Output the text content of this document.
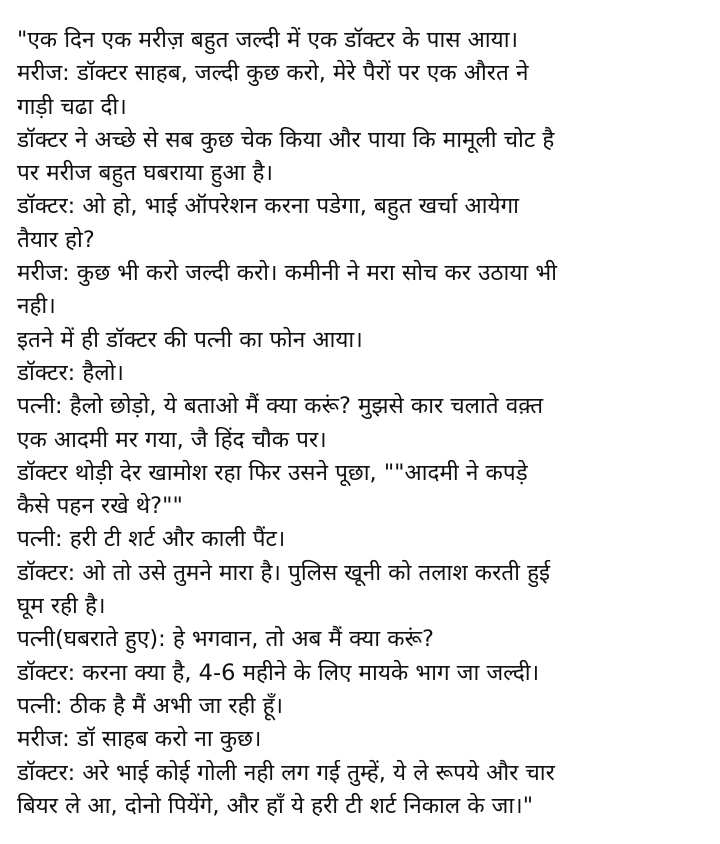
"एक दिन एक मरीज़ बहुत जल्दी में एक डॉक्टर के पास आया।
मरीज: डॉक्टर साहब, जल्दी कुछ करो, मेरे पैरों पर एक औरत ने
गाड़ी चढा दी।
डॉक्टर ने अच्छे से सब कुछ चेक किया और पाया कि मामूली चोट है
पर मरीज बहुत घबराया हुआ है।
डॉक्टर: ओ हो, भाई ऑपरेशन करना पडेगा, बहुत खर्चा आयेगा
तैयार हो?
मरीज: कुछ भी करो जल्दी करो। कमीनी ने मरा सोच कर उठाया भी
नही।
इतने में ही डॉक्टर की पत्नी का फोन आया।
डॉक्टर: हैलो।
पत्नी: हैलो छोड़ो, ये बताओ मैं क्या करूं? मुझसे कार चलाते वक़्त
एक आदमी मर गया, जै हिंद चौक पर।
डॉक्टर थोड़ी देर खामोश रहा फिर उसने पूछा, ""आदमी ने कपड़े
कैसे पहन रखे थे?""
पत्नी: हरी टी शर्ट और काली पैंट।
डॉक्टर: ओ तो उसे तुमने मारा है। पुलिस खूनी को तलाश करती हुई
घूम रही है।
पत्नी(घबराते हुए): हे भगवान, तो अब मैं क्या करूं?
डॉक्टर: करना क्या है, 4-6 महीने के लिए मायके भाग जा जल्दी।
पत्नी: ठीक है मैं अभी जा रही हूँ।
मरीज: डॉ साहब करो ना कुछ।
डॉक्टर: अरे भाई कोई गोली नही लग गई तुम्हें, ये ले रूपये और चार
बियर ले आ, दोनो पियेंगे, और हाँ ये हरी टी शर्ट निकाल के जा।"
